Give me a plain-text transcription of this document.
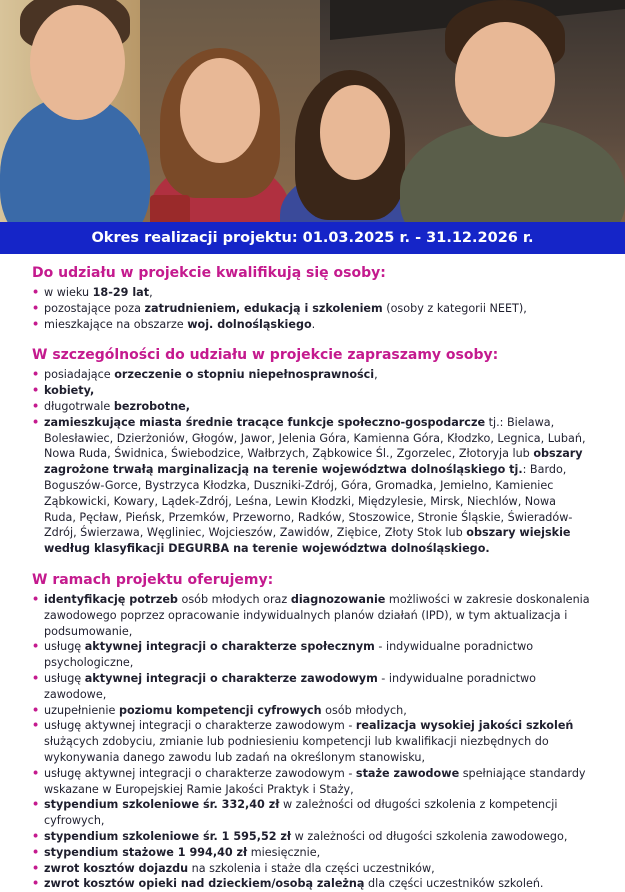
Okres realizacji projektu: 01.03.2025 r. - 31.12.2026 r.
Do udziału w projekcie kwalifikują się osoby:
• w wieku 18-29 lat,
• pozostające poza zatrudnieniem, edukacją i szkoleniem (osoby z kategorii NEET),
• mieszkające na obszarze woj. dolnośląskiego.
W szczególności do udziału w projekcie zapraszamy osoby:
• posiadające orzeczenie o stopniu niepełnosprawności,
• kobiety,
• długotrwale bezrobotne,
• zamieszkujące miasta średnie tracące funkcje społeczno-gospodarcze tj.: Bielawa, Bolesławiec, Dzierżoniów, Głogów, Jawor, Jelenia Góra, Kamienna Góra, Kłodzko, Legnica, Lubań, Nowa Ruda, Świdnica, Świebodzice, Wałbrzych, Ząbkowice Śl., Zgorzelec, Złotoryja lub obszary zagrożone trwałą marginalizacją na terenie województwa dolnośląskiego tj.: Bardo, Boguszów-Gorce, Bystrzyca Kłodzka, Duszniki-Zdrój, Góra, Gromadka, Jemielno, Kamieniec Ząbkowicki, Kowary, Lądek-Zdrój, Leśna, Lewin Kłodzki, Międzylesie, Mirsk, Niechlów, Nowa Ruda, Pęcław, Pieńsk, Przemków, Przeworno, Radków, Stoszowice, Stronie Śląskie, Świeradów-Zdrój, Świerzawa, Węgliniec, Wojcieszów, Zawidów, Ziębice, Złoty Stok lub obszary wiejskie według klasyfikacji DEGURBA na terenie województwa dolnośląskiego.
W ramach projektu oferujemy:
• identyfikację potrzeb osób młodych oraz diagnozowanie możliwości w zakresie doskonalenia zawodowego poprzez opracowanie indywidualnych planów działań (IPD), w tym aktualizacja i podsumowanie,
• usługę aktywnej integracji o charakterze społecznym - indywidualne poradnictwo psychologiczne,
• usługę aktywnej integracji o charakterze zawodowym - indywidualne poradnictwo zawodowe,
• uzupełnienie poziomu kompetencji cyfrowych osób młodych,
• usługę aktywnej integracji o charakterze zawodowym - realizacja wysokiej jakości szkoleń służących zdobyciu, zmianie lub podniesieniu kompetencji lub kwalifikacji niezbędnych do wykonywania danego zawodu lub zadań na określonym stanowisku,
• usługę aktywnej integracji o charakterze zawodowym - staże zawodowe spełniające standardy wskazane w Europejskiej Ramie Jakości Praktyk i Staży,
• stypendium szkoleniowe śr. 332,40 zł w zależności od długości szkolenia z kompetencji cyfrowych,
• stypendium szkoleniowe śr. 1 595,52 zł w zależności od długości szkolenia zawodowego,
• stypendium stażowe 1 994,40 zł miesięcznie,
• zwrot kosztów dojazdu na szkolenia i staże dla części uczestników,
• zwrot kosztów opieki nad dzieckiem/osobą zależną dla części uczestników szkoleń.
